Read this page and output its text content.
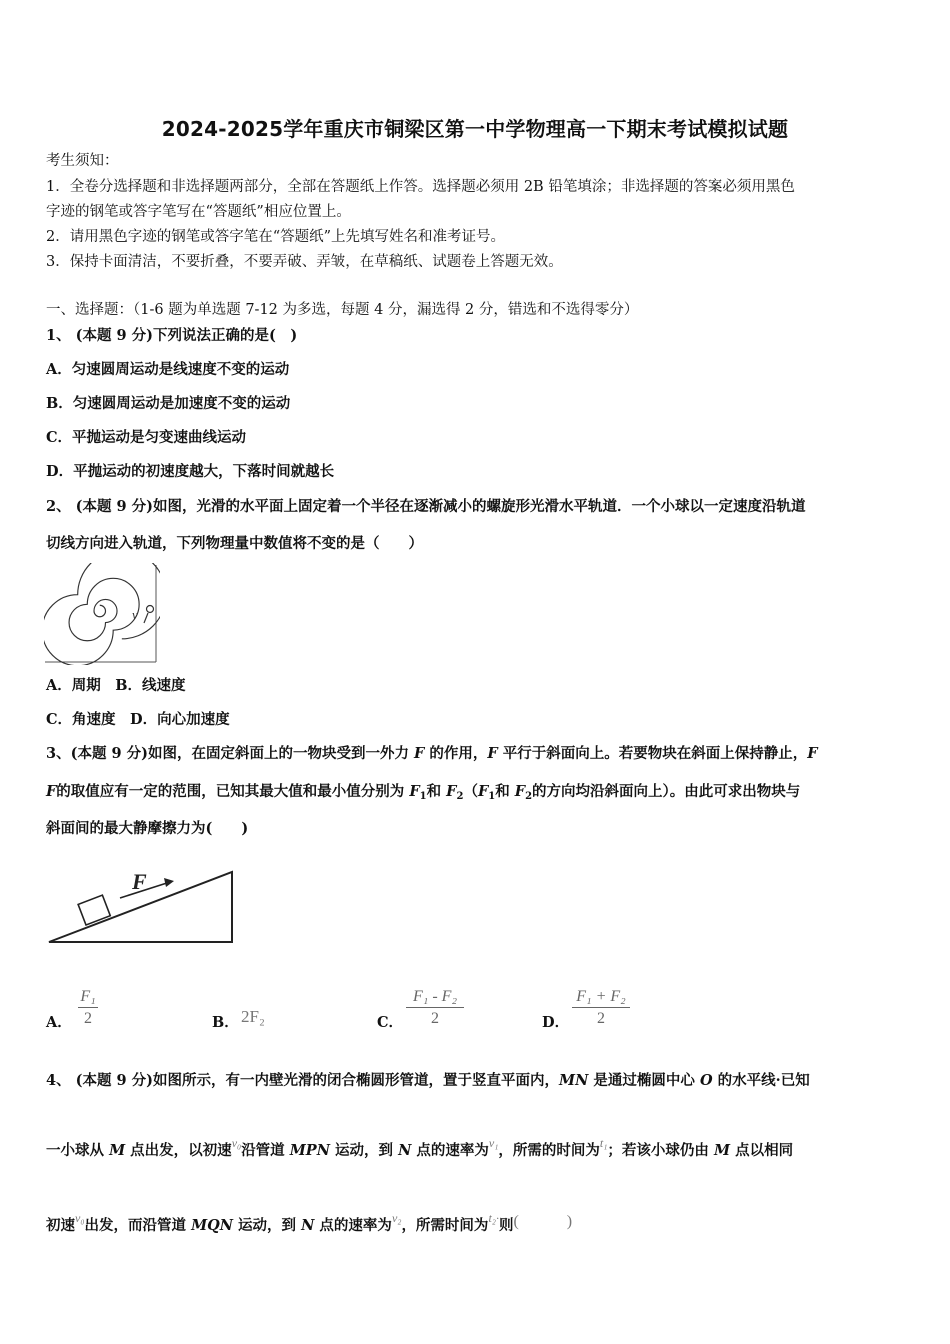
2024-2025学年重庆市铜梁区第一中学物理高一下期末考试模拟试题
考生须知：
1．全卷分选择题和非选择题两部分，全部在答题纸上作答。选择题必须用 2B 铅笔填涂；非选择题的答案必须用黑色
字迹的钢笔或答字笔写在“答题纸”相应位置上。
2．请用黑色字迹的钢笔或答字笔在“答题纸”上先填写姓名和准考证号。
3．保持卡面清洁，不要折叠，不要弄破、弄皱，在草稿纸、试题卷上答题无效。
一、选择题：（1-6 题为单选题 7-12 为多选，每题 4 分，漏选得 2 分，错选和不选得零分）
1、 (本题 9 分)下列说法正确的是(　)
A．匀速圆周运动是线速度不变的运动
B．匀速圆周运动是加速度不变的运动
C．平抛运动是匀变速曲线运动
D．平抛运动的初速度越大，下落时间就越长
2、 (本题 9 分)如图，光滑的水平面上固定着一个半径在逐渐减小的螺旋形光滑水平轨道．一个小球以一定速度沿轨道
切线方向进入轨道，下列物理量中数值将不变的是（　　）
v
A．周期　B．线速度
C．角速度　D．向心加速度
3、(本题 9 分)如图，在固定斜面上的一物块受到一外力 F 的作用，F 平行于斜面向上。若要物块在斜面上保持静止，F
F的取值应有一定的范围，已知其最大值和最小值分别为 $F_1$和 $F_2(F_1$和 $F_2$的方向均沿斜面向上）。由此可求出物块与
斜面间的最大静摩擦力为(　　)
F
A．
F₁
2	B． 2F₂	C．
F₁ - F₂
2	D．
F₁ + F₂
2
4、 (本题 9 分)如图所示，有一内壁光滑的闭合椭圆形管道，置于竖直平面内，MN 是通过椭圆中心 O 的水平线·已知
一小球从 M 点出发，以初速$^{v_0}$沿管道 MPN 运动，到 N 点的速率为$^{v_1}$，所需的时间为$^{t_1}$；若该小球仍由 M 点以相同
初速$^{v_0}$出发，而沿管道 MQN 运动，到 N 点的速率为$^{v_2}$，所需时间为$^{t_2\cdot}$则(　　　)
